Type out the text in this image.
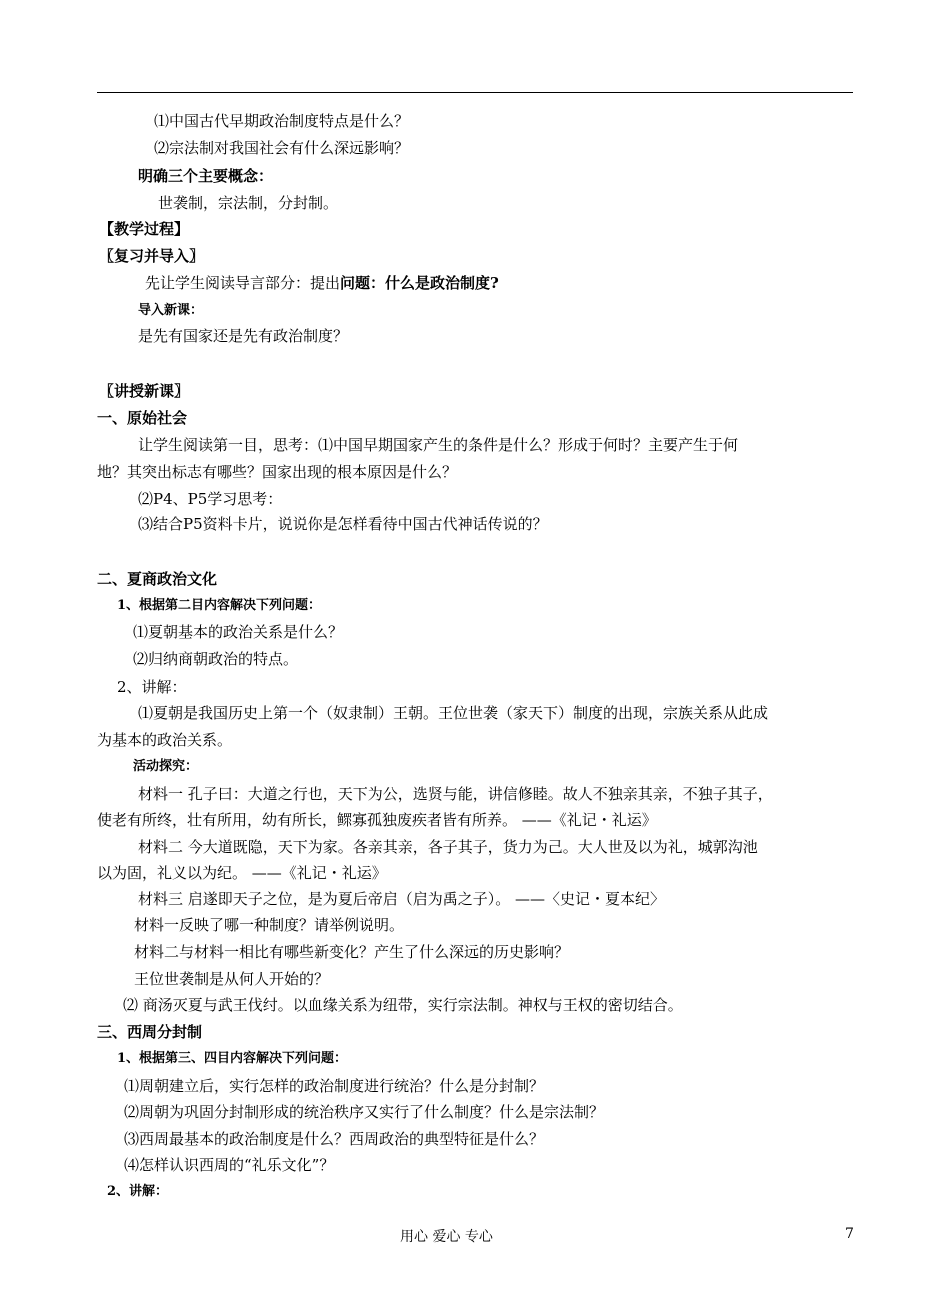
⑴中国古代早期政治制度特点是什么？
⑵宗法制对我国社会有什么深远影响？
明确三个主要概念：
世袭制，宗法制，分封制。
【教学过程】
〖复习并导入〗
先让学生阅读导言部分：提出问题：什么是政治制度?
导入新课：
是先有国家还是先有政治制度？
〖讲授新课〗
一、原始社会
让学生阅读第一目，思考：⑴中国早期国家产生的条件是什么？形成于何时？主要产生于何
地？其突出标志有哪些？国家出现的根本原因是什么？
⑵P4、P5学习思考：
⑶结合P5资料卡片，说说你是怎样看待中国古代神话传说的？
二、夏商政治文化
1、根据第二目内容解决下列问题：
⑴夏朝基本的政治关系是什么？
⑵归纳商朝政治的特点。
2、讲解：
⑴夏朝是我国历史上第一个（奴隶制）王朝。王位世袭（家天下）制度的出现，宗族关系从此成
为基本的政治关系。
活动探究：
材料一 孔子曰：大道之行也，天下为公，选贤与能，讲信修睦。故人不独亲其亲，不独子其子，
使老有所终，壮有所用，幼有所长，鳏寡孤独废疾者皆有所养。 ——《礼记・礼运》
材料二 今大道既隐，天下为家。各亲其亲，各子其子，货力为己。大人世及以为礼，城郭沟池
以为固，礼义以为纪。 ——《礼记・礼运》
材料三 启遂即天子之位，是为夏后帝启（启为禹之子）。 ——〈史记・夏本纪〉
材料一反映了哪一种制度？请举例说明。
材料二与材料一相比有哪些新变化？产生了什么深远的历史影响？
王位世袭制是从何人开始的？
⑵ 商汤灭夏与武王伐纣。以血缘关系为纽带，实行宗法制。神权与王权的密切结合。
三、西周分封制
1、根据第三、四目内容解决下列问题：
⑴周朝建立后，实行怎样的政治制度进行统治？什么是分封制？
⑵周朝为巩固分封制形成的统治秩序又实行了什么制度？什么是宗法制？
⑶西周最基本的政治制度是什么？西周政治的典型特征是什么？
⑷怎样认识西周的“礼乐文化”？
2、讲解：
用心 爱心 专心	7
